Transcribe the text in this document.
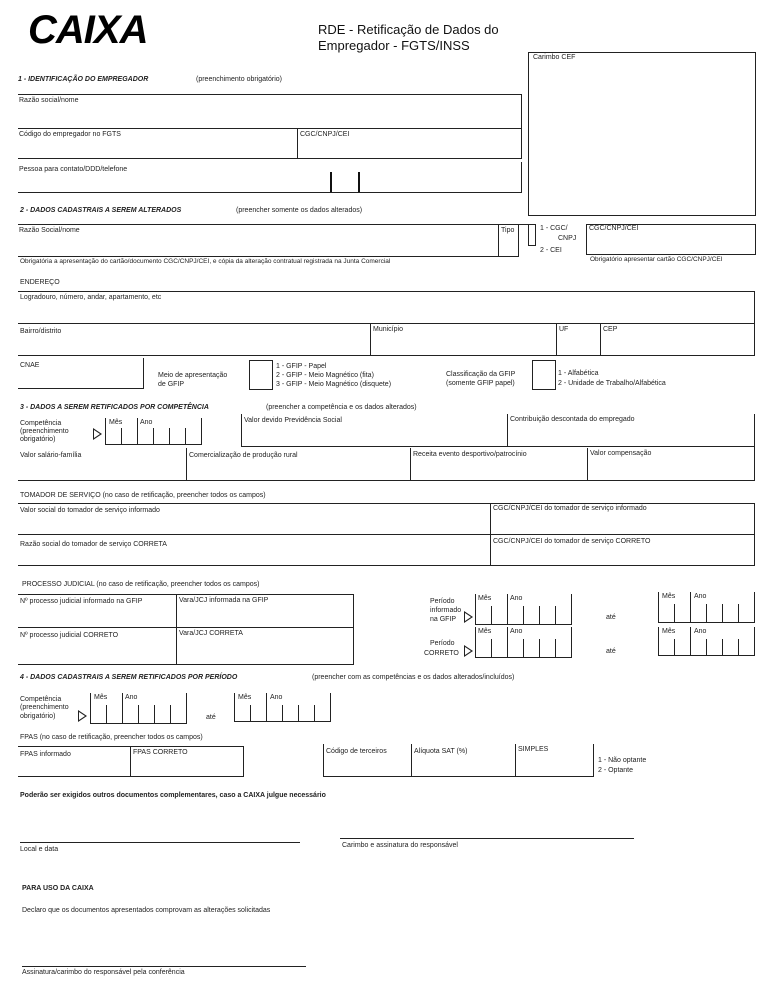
CAIXA	RDE - Retificação de Dados do
Empregador - FGTS/INSS
Carimbo CEF
1 - IDENTIFICAÇÃO DO EMPREGADOR	(preenchimento obrigatório)
Razão social/nome
Código do empregador no FGTS	CGC/CNPJ/CEI
Pessoa para contato/DDD/telefone
2 - DADOS CADASTRAIS A SEREM ALTERADOS	(preencher somente os dados alterados)
Razão Social/nome	Tipo	1 - CGC/
CNPJ
2 - CEI
CGC/CNPJ/CEI
Obrigatória a apresentação do cartão/documento CGC/CNPJ/CEI, e cópia da alteração contratual registrada na Junta Comercial	Obrigatório apresentar cartão CGC/CNPJ/CEI
ENDEREÇO
Logradouro, número, andar, apartamento, etc
Bairro/distrito	Município	UF	CEP
CNAE
Meio de apresentação
de GFIP
1 - GFIP - Papel
2 - GFIP - Meio Magnético (fita)
3 - GFIP - Meio Magnético (disquete)
Classificação da GFIP
(somente GFIP papel)
1 - Alfabética
2 - Unidade de Trabalho/Alfabética
3 - DADOS A SEREM RETIFICADOS POR COMPETÊNCIA	(preencher a competência e os dados alterados)
Competência
(preenchimento
obrigatório)
Mês	Ano	Valor devido Previdência Social	Contribuição descontada do empregado
Valor salário-família	Comercialização de produção rural	Receita evento desportivo/patrocínio	Valor compensação
TOMADOR DE SERVIÇO (no caso de retificação, preencher todos os campos)
Valor social do tomador de serviço informado	CGC/CNPJ/CEI do tomador de serviço informado
Razão social do tomador de serviço CORRETA	CGC/CNPJ/CEI do tomador de serviço CORRETO
PROCESSO JUDICIAL (no caso de retificação, preencher todos os campos)
Nº processo judicial informado na GFIP	Vara/JCJ informada na GFIP
Nº processo judicial CORRETO	Vara/JCJ CORRETA
Período
informado
na GFIP
Mês	Ano
até
Mês	Ano
Período
CORRETO
Mês	Ano
até
Mês	Ano
4 - DADOS CADASTRAIS A SEREM RETIFICADOS POR PERÍODO	(preencher com as competências e os dados alterados/incluídos)
Competência
(preenchimento
obrigatório)
Mês	Ano
até
Mês	Ano
FPAS (no caso de retificação, preencher todos os campos)
FPAS informado	FPAS CORRETO	Código de terceiros	Alíquota SAT (%)	SIMPLES
1 - Não optante
2 - Optante
Poderão ser exigidos outros documentos complementares, caso a CAIXA julgue necessário
Local e data
Carimbo e assinatura do responsável
PARA USO DA CAIXA
Declaro que os documentos apresentados comprovam as alterações solicitadas
Assinatura/carimbo do responsável pela conferência
